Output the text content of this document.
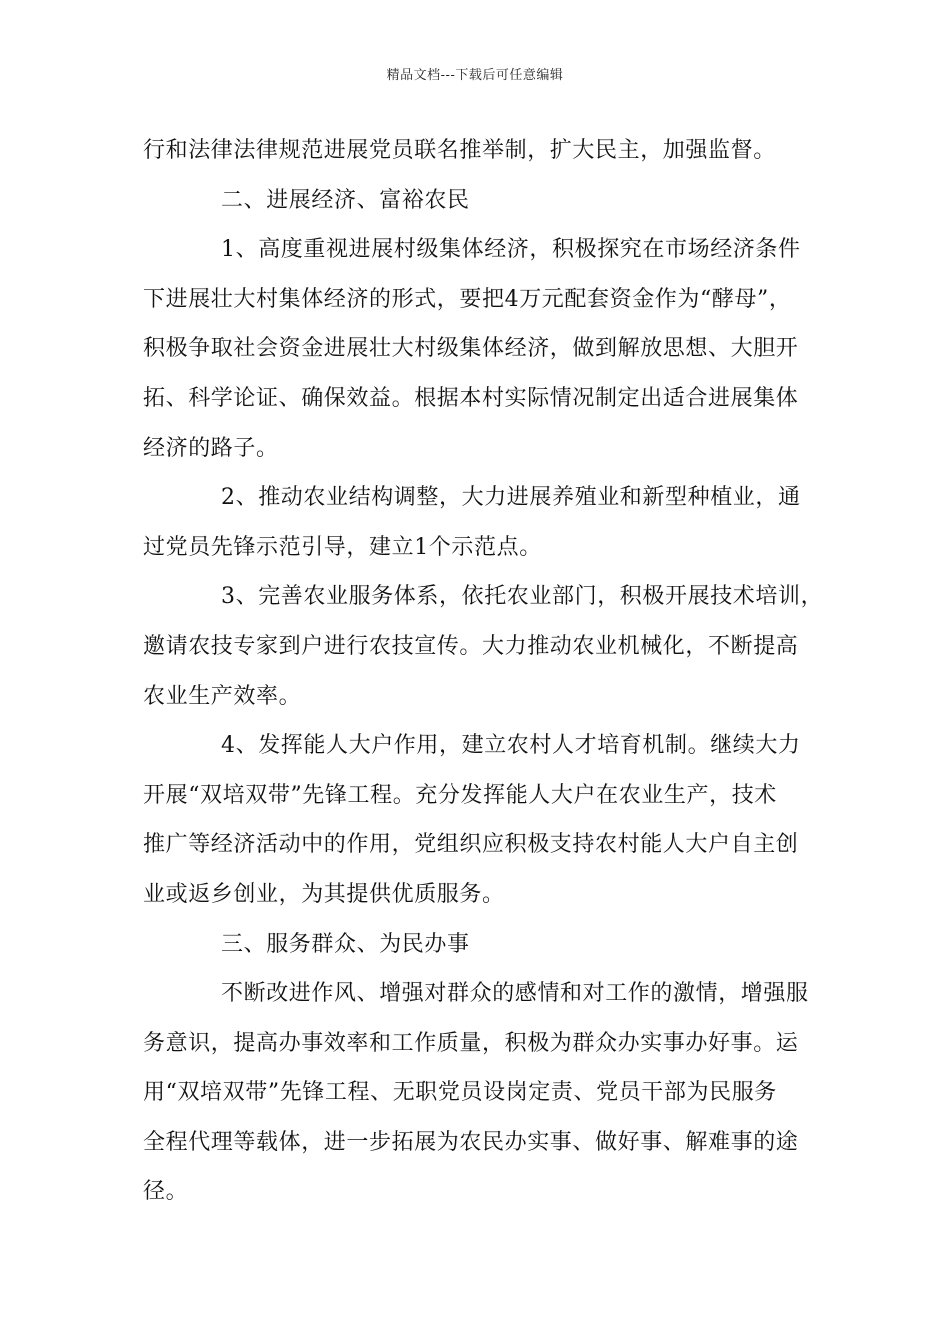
精品文档---下载后可任意编辑
行和法律法律规范进展党员联名推举制，扩大民主，加强监督。
二、进展经济、富裕农民
1、高度重视进展村级集体经济，积极探究在市场经济条件
下进展壮大村集体经济的形式，要把4万元配套资金作为“酵母”，
积极争取社会资金进展壮大村级集体经济，做到解放思想、大胆开
拓、科学论证、确保效益。根据本村实际情况制定出适合进展集体
经济的路子。
2、推动农业结构调整，大力进展养殖业和新型种植业，通
过党员先锋示范引导，建立1个示范点。
3、完善农业服务体系，依托农业部门，积极开展技术培训，
邀请农技专家到户进行农技宣传。大力推动农业机械化，不断提高
农业生产效率。
4、发挥能人大户作用，建立农村人才培育机制。继续大力
开展“双培双带”先锋工程。充分发挥能人大户在农业生产，技术
推广等经济活动中的作用，党组织应积极支持农村能人大户自主创
业或返乡创业，为其提供优质服务。
三、服务群众、为民办事
不断改进作风、增强对群众的感情和对工作的激情，增强服
务意识，提高办事效率和工作质量，积极为群众办实事办好事。运
用“双培双带”先锋工程、无职党员设岗定责、党员干部为民服务
全程代理等载体，进一步拓展为农民办实事、做好事、解难事的途
径。
